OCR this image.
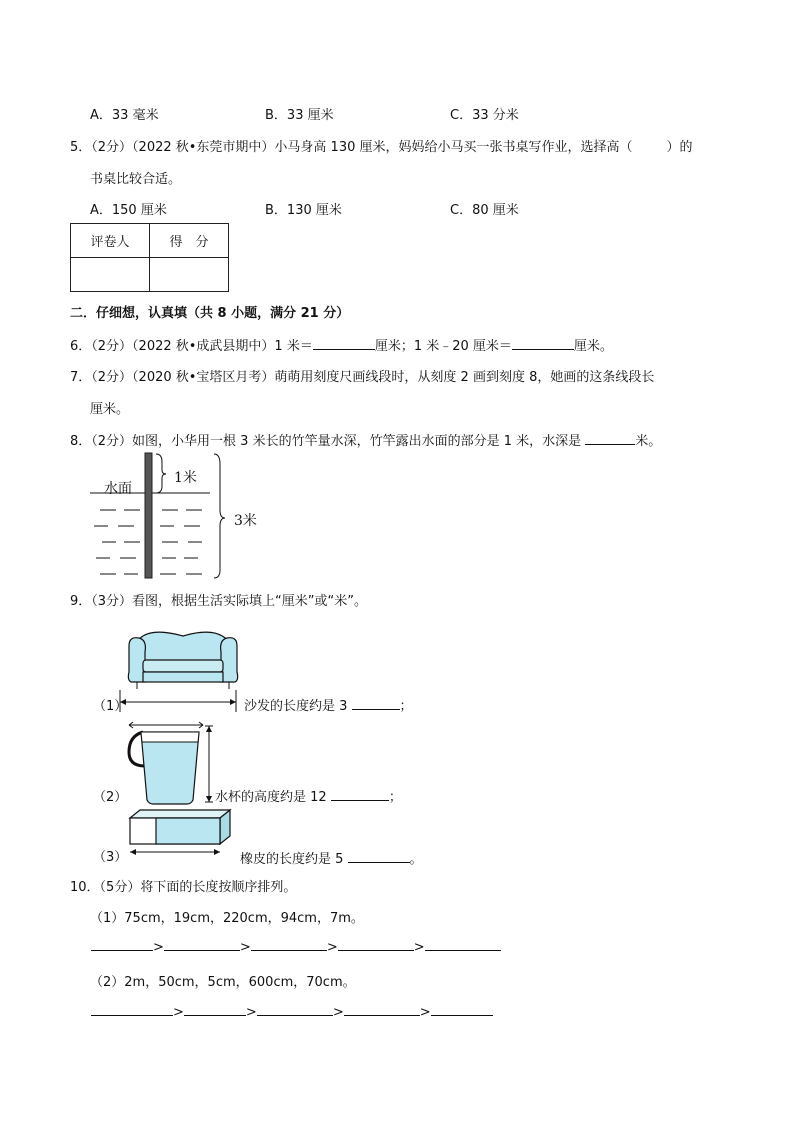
A．33 毫米	B．33 厘米	C．33 分米
5．（2分）（2022 秋•东莞市期中）小马身高 130 厘米，妈妈给小马买一张书桌写作业，选择高（	）的
书桌比较合适。
A．150 厘米	B．130 厘米	C．80 厘米
评卷人	得　分

二．仔细想，认真填（共 8 小题，满分 21 分）
6．（2分）（2022 秋•成武县期中）1 米＝	厘米；1 米﹣20 厘米＝	厘米。
7．（2分）（2020 秋•宝塔区月考）萌萌用刻度尺画线段时，从刻度 2 画到刻度 8，她画的这条线段长
厘米。
8．（2分）如图，小华用一根 3 米长的竹竿量水深，竹竿露出水面的部分是 1 米，水深是	米。
水面
1米
3米
9．（3分）看图，根据生活实际填上“厘米”或“米”。
（1）	沙发的长度约是 3	；
（2）	水杯的高度约是 12	；
（3）	橡皮的长度约是 5	。
10．（5分）将下面的长度按顺序排列。
（1）75cm，19cm，220cm，94cm，7m。
>	>	>	>
（2）2m，50cm，5cm，600cm，70cm。
>	>	>	>
